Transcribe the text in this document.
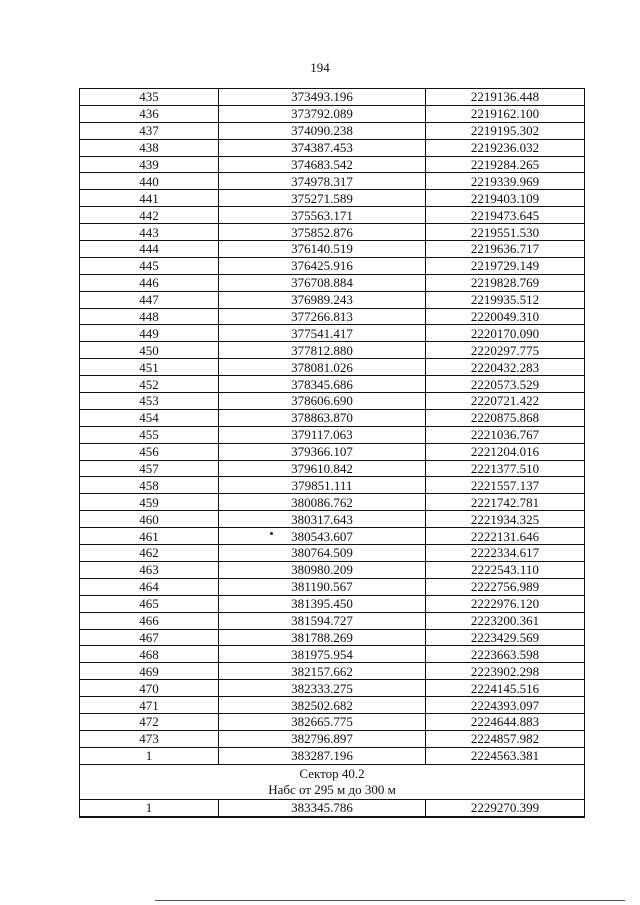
194
435	373493.196	2219136.448
436	373792.089	2219162.100
437	374090.238	2219195.302
438	374387.453	2219236.032
439	374683.542	2219284.265
440	374978.317	2219339.969
441	375271.589	2219403.109
442	375563.171	2219473.645
443	375852.876	2219551.530
444	376140.519	2219636.717
445	376425.916	2219729.149
446	376708.884	2219828.769
447	376989.243	2219935.512
448	377266.813	2220049.310
449	377541.417	2220170.090
450	377812.880	2220297.775
451	378081.026	2220432.283
452	378345.686	2220573.529
453	378606.690	2220721.422
454	378863.870	2220875.868
455	379117.063	2221036.767
456	379366.107	2221204.016
457	379610.842	2221377.510
458	379851.111	2221557.137
459	380086.762	2221742.781
460	380317.643	2221934.325
461	380543.607	2222131.646
462	380764.509	2222334.617
463	380980.209	2222543.110
464	381190.567	2222756.989
465	381395.450	2222976.120
466	381594.727	2223200.361
467	381788.269	2223429.569
468	381975.954	2223663.598
469	382157.662	2223902.298
470	382333.275	2224145.516
471	382502.682	2224393.097
472	382665.775	2224644.883
473	382796.897	2224857.982
1	383287.196	2224563.381

Сектор 40.2
Набс от 295 м до 300 м		

1	383345.786	2229270.399
